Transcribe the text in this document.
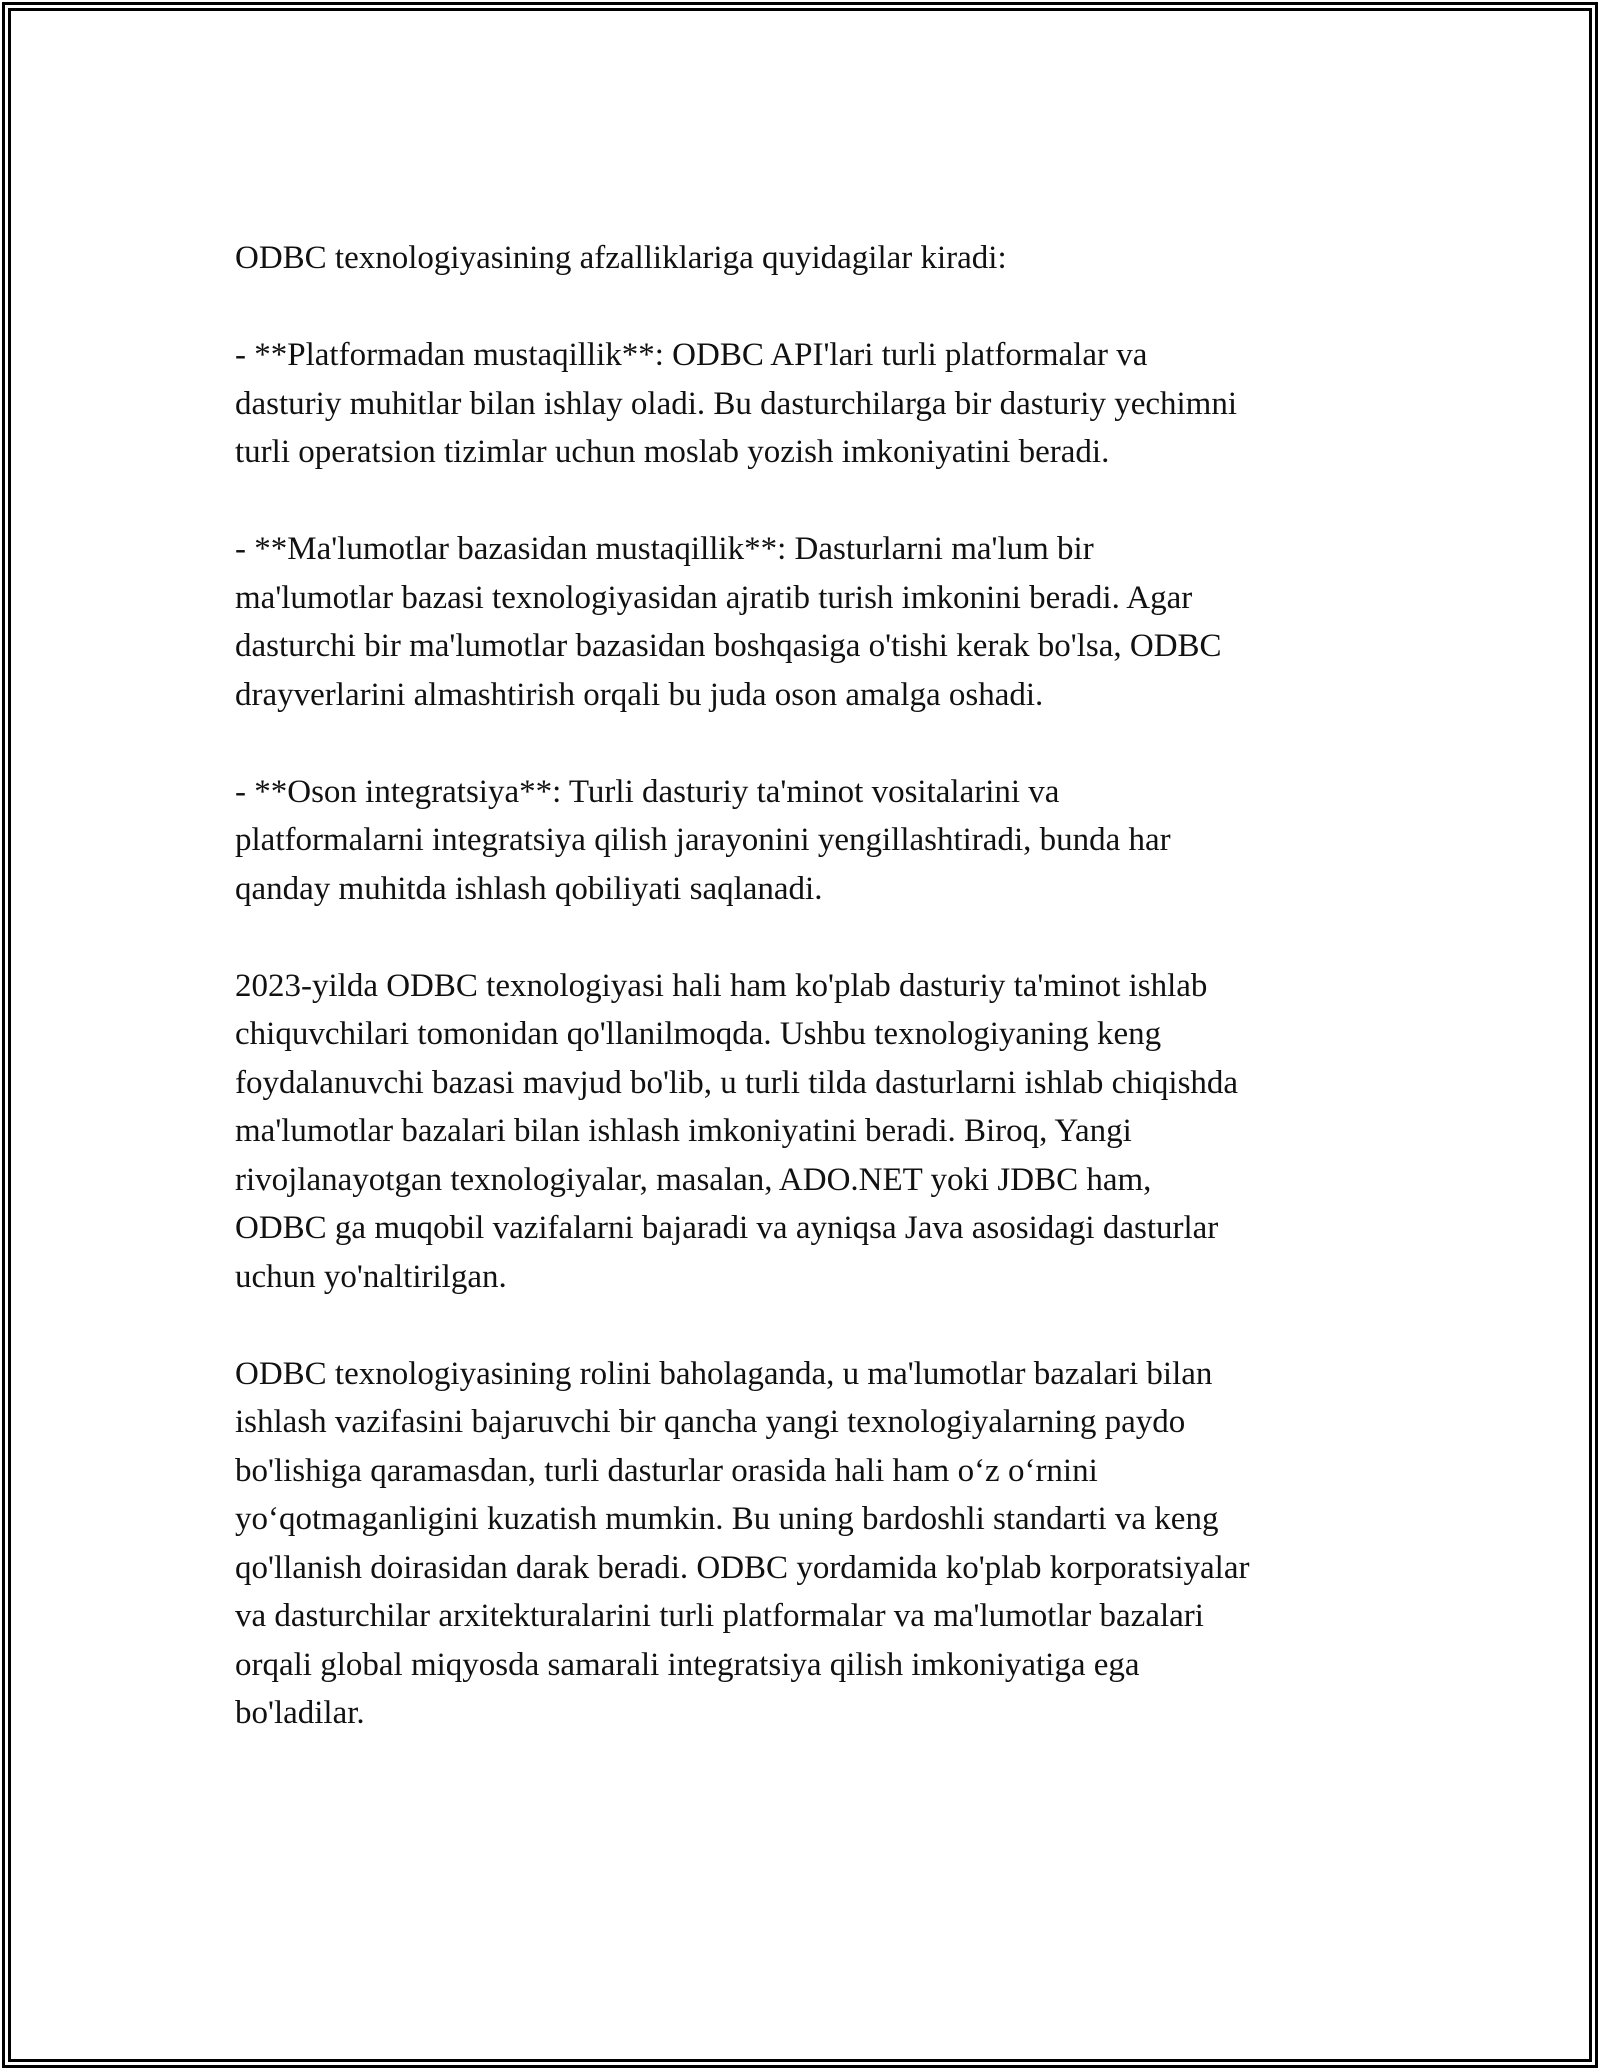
ODBC texnologiyasining afzalliklariga quyidagilar kiradi:

- **Platformadan mustaqillik**: ODBC API'lari turli platformalar va
dasturiy muhitlar bilan ishlay oladi. Bu dasturchilarga bir dasturiy yechimni
turli operatsion tizimlar uchun moslab yozish imkoniyatini beradi.

- **Ma'lumotlar bazasidan mustaqillik**: Dasturlarni ma'lum bir
ma'lumotlar bazasi texnologiyasidan ajratib turish imkonini beradi. Agar
dasturchi bir ma'lumotlar bazasidan boshqasiga o'tishi kerak bo'lsa, ODBC
drayverlarini almashtirish orqali bu juda oson amalga oshadi.

- **Oson integratsiya**: Turli dasturiy ta'minot vositalarini va
platformalarni integratsiya qilish jarayonini yengillashtiradi, bunda har
qanday muhitda ishlash qobiliyati saqlanadi.

2023-yilda ODBC texnologiyasi hali ham ko'plab dasturiy ta'minot ishlab
chiquvchilari tomonidan qo'llanilmoqda. Ushbu texnologiyaning keng
foydalanuvchi bazasi mavjud bo'lib, u turli tilda dasturlarni ishlab chiqishda
ma'lumotlar bazalari bilan ishlash imkoniyatini beradi. Biroq, Yangi
rivojlanayotgan texnologiyalar, masalan, ADO.NET yoki JDBC ham,
ODBC ga muqobil vazifalarni bajaradi va ayniqsa Java asosidagi dasturlar
uchun yo'naltirilgan.

ODBC texnologiyasining rolini baholaganda, u ma'lumotlar bazalari bilan
ishlash vazifasini bajaruvchi bir qancha yangi texnologiyalarning paydo
bo'lishiga qaramasdan, turli dasturlar orasida hali ham o‘z o‘rnini
yo‘qotmaganligini kuzatish mumkin. Bu uning bardoshli standarti va keng
qo'llanish doirasidan darak beradi. ODBC yordamida ko'plab korporatsiyalar
va dasturchilar arxitekturalarini turli platformalar va ma'lumotlar bazalari
orqali global miqyosda samarali integratsiya qilish imkoniyatiga ega
bo'ladilar.
